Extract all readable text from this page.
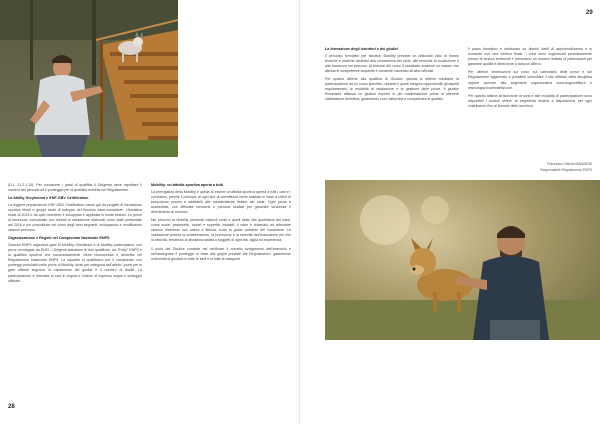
(D.L. 11.2.1.10). Per conoscere i gradi di qualifica il Dirigente deve rispettare il numero dei percorsi ed il punteggio per la qualifica richiesti nel Regolamento.

La Ability Greyhound e ENF-GBV Certification

La leggera preparazione ENF-GBV Certification nasce già da progetti di formazione sportiva riferiti a gruppi locali di sviluppo del binomio cane-conduttore. L'iniziativa risale al 2013 e da quel momento è sviluppata e applicata in molte sezioni. Le prove di sicurezza, consolidate con metodi di valutazione elaborati, sono state presentate nel 2016 e poi consolidate nel corso degli anni seguenti, sviluppando e modificando ciascun percorso.

Organizzazione e Regole nei Campionato Nazionale ENPS

Ciascun ENPS organizza gare di Mobility Obedience e di Mobility partecipative, con prove omologate da ENCI. I Dirigenti stanziano le loro qualifiche, da "Entry" ENPS e la qualifica sportiva che successivamente viene riconosciuta e descritta nel Regolamento Nazionale ENPS. Le squadre si qualificano per il campionato con punteggi cumulativi nelle prove di Mobility, divisi per categoria dell'atleta; i punti per le gare ufficiali seguono la valutazione dei giudici e il numero di iscritti. La partecipazione è riservata ai soci in regola e l'ordine di ingresso segue il sorteggio ufficiale.

Mobility: un'attività sportiva aperta a tutti

La prerogativa della Mobility è quella di essere un'attività sportiva aperta a tutti i cani e i conduttori, perché il principio di ogni tipo di correttezza viene valutato in base a criteri di esecuzione precisi e adattabili alle caratteristiche fisiche del cane. Ogni prova è accessibile, con difficoltà crescenti e percorsi studiati per garantire sicurezza e divertimento al binomio.

Nei percorsi la Mobility presenta ostacoli simili a quelli della vita quotidiana del cane, come scale, passerelle, tunnel e superfici instabili: il cane è chiamato ad affrontare ciascun elemento con calma e fiducia, sotto la guida costante del conduttore. La valutazione premia la collaborazione, la precisione e la serenità dell'esecuzione più che la velocità, rendendo la disciplina adatta a soggetti di ogni età, taglia ed esperienza.

Il ruolo del Giudice consiste nel verificare il corretto svolgimento dell'esercizio e nell'assegnare il punteggio in base alle griglie previste dal Regolamento, garantendo uniformità di giudizio in tutte le sedi e in tutte le categorie.

28
29
La formazione degli istruttori e dei giudici

Il percorso formativo per Istruttori Mobility prevede un articolato ciclo di lezioni teoriche e pratiche dedicato alla conoscenza del cane, alle tecniche di conduzione e alla sicurezza nei percorsi. Al termine del corso il candidato sostiene un esame che attesta le competenze acquisite e consente l'accesso all'albo ufficiale.

Per quanto attiene alla qualifica di Giudice, questa si ottiene mediante la partecipazione ad un corso specifico, durante il quale vengono approfonditi gli aspetti regolamentari, le modalità di valutazione e la gestione delle prove. Il giudice tirocinante affianca un giudice esperto in più manifestazioni prima di ottenere l'abilitazione definitiva, garantendo così uniformità e competenza di giudizio.

Il piano formativo è strutturato su diversi livelli di approfondimento e si conclude con una verifica finale. I corsi sono organizzati periodicamente presso le sezioni territoriali e prevedono un numero limitato di partecipanti per garantire qualità e attenzione a ciascun allievo.

Per ulteriori informazioni sui corsi, sul calendario delle prove e sul Regolamento aggiornato è possibile consultare il sito ufficiale della disciplina oppure scrivere alla segreteria organizzativa www.dogmobility.it e www.dogschoolmobility.com.

Per quanto attiene all'iscrizione ai corsi e alle modalità di partecipazione sono disponibili i moduli online; la segreteria resterà a disposizione per ogni chiarimento fino al termine delle iscrizioni.

Francesco Vittoria MANDIRIS
Responsabile Regolamento ENPS
